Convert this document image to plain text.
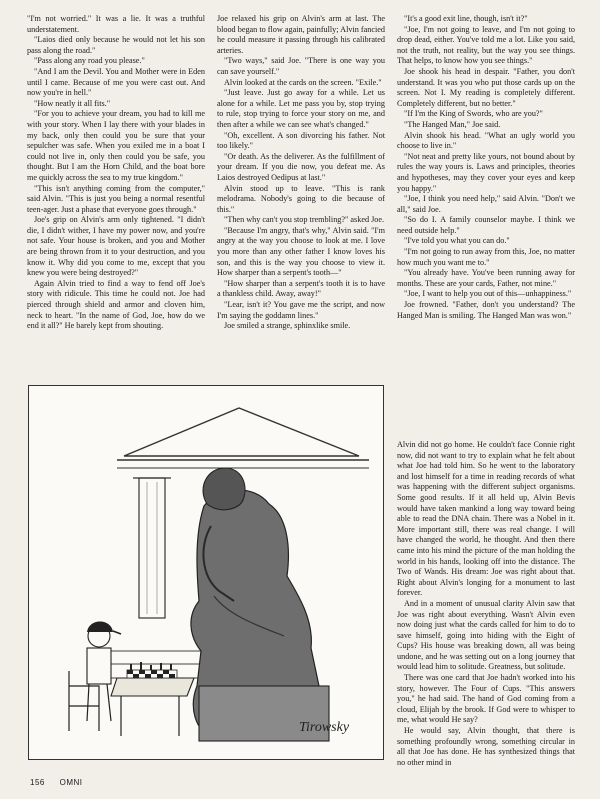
"I'm not worried." It was a lie. It was a truthful understatement.

"Laios died only because he would not let his son pass along the road."

"Pass along any road you please."

"And I am the Devil. You and Mother were in Eden until I came. Because of me you were cast out. And now you're in hell."

"How neatly it all fits."

"For you to achieve your dream, you had to kill me with your story. When I lay there with your blades in my back, only then could you be sure that your sepulcher was safe. When you exiled me in a boat I could not live in, only then could you be safe, you thought. But I am the Horn Child, and the boat bore me quickly across the sea to my true kingdom."

"This isn't anything coming from the computer," said Alvin. "This is just you being a normal resentful teen-ager. Just a phase that everyone goes through."

Joe's grip on Alvin's arm only tightened. "I didn't die, I didn't wither, I have my power now, and you're not safe. Your house is broken, and you and Mother are being thrown from it to your destruction, and you know it. Why did you come to me, except that you knew you were being destroyed?"

Again Alvin tried to find a way to fend off Joe's story with ridicule. This time he could not. Joe had pierced through shield and armor and cloven him, neck to heart. "In the name of God, Joe, how do we end it all?" He barely kept from shouting.

Joe relaxed his grip on Alvin's arm at last. The blood began to flow again, painfully; Alvin fancied he could measure it passing through his calibrated arteries.

"Two ways," said Joe. "There is one way you can save yourself."

Alvin looked at the cards on the screen. "Exile."

"Just leave. Just go away for a while. Let us alone for a while. Let me pass you by, stop trying to rule, stop trying to force your story on me, and then after a while we can see what's changed."

"Oh, excellent. A son divorcing his father. Not too likely."

"Or death. As the deliverer. As the fulfillment of your dream. If you die now, you defeat me. As Laios destroyed Oedipus at last."

Alvin stood up to leave. "This is rank melodrama. Nobody's going to die because of this."

"Then why can't you stop trembling?" asked Joe.

"Because I'm angry, that's why," Alvin said. "I'm angry at the way you choose to look at me. I love you more than any other father I know loves his son, and this is the way you choose to view it. How sharper than a serpent's tooth—"

"How sharper than a serpent's tooth it is to have a thankless child. Away, away!"

"Lear, isn't it? You gave me the script, and now I'm saying the goddamn lines."

Joe smiled a strange, sphinxlike smile.

"It's a good exit line, though, isn't it?"

"Joe, I'm not going to leave, and I'm not going to drop dead, either. You've told me a lot. Like you said, not the truth, not reality, but the way you see things. That helps, to know how you see things."

Joe shook his head in despair. "Father, you don't understand. It was you who put those cards up on the screen. Not I. My reading is completely different. Completely different, but no better."

"If I'm the King of Swords, who are you?"

"The Hanged Man," Joe said.

Alvin shook his head. "What an ugly world you choose to live in."

"Not neat and pretty like yours, not bound about by rules the way yours is. Laws and principles, theories and hypotheses, may they cover your eyes and keep you happy."

"Joe, I think you need help," said Alvin. "Don't we all," said Joe.

"So do I. A family counselor maybe. I think we need outside help."

"I've told you what you can do."

"I'm not going to run away from this, Joe, no matter how much you want me to."

"You already have. You've been running away for months. These are your cards, Father, not mine."

"Joe, I want to help you out of this—unhappiness."

Joe frowned. "Father, don't you understand? The Hanged Man is smiling. The Hanged Man was won."

Alvin did not go home. He couldn't face Connie right now, did not want to try to explain what he felt about what Joe had told him. So he went to the laboratory and lost himself for a time in reading records of what was happening with the different subject organisms. Some good results. If it all held up, Alvin Bevis would have taken mankind a long way toward being able to read the DNA chain. There was a Nobel in it. More important still, there was real change. I will have changed the world, he thought. And then there came into his mind the picture of the man holding the world in his hands, looking off into the distance. The Two of Wands. His dream: Joe was right about that. Right about Alvin's longing for a monument to last forever.

And in a moment of unusual clarity Alvin saw that Joe was right about everything. Wasn't Alvin even now doing just what the cards called for him to do to save himself, going into hiding with the Eight of Cups? His house was breaking down, all was being undone, and he was setting out on a long journey that would lead him to solitude. Greatness, but solitude.

There was one card that Joe hadn't worked into his story, however. The Four of Cups. "This answers you," he had said. The hand of God coming from a cloud, Elijah by the brook. If God were to whisper to me, what would He say?

He would say, Alvin thought, that there is something profoundly wrong, something circular in all that Joe has done. He has synthesized things that no other mind in

Tirowsky
156 OMNI
